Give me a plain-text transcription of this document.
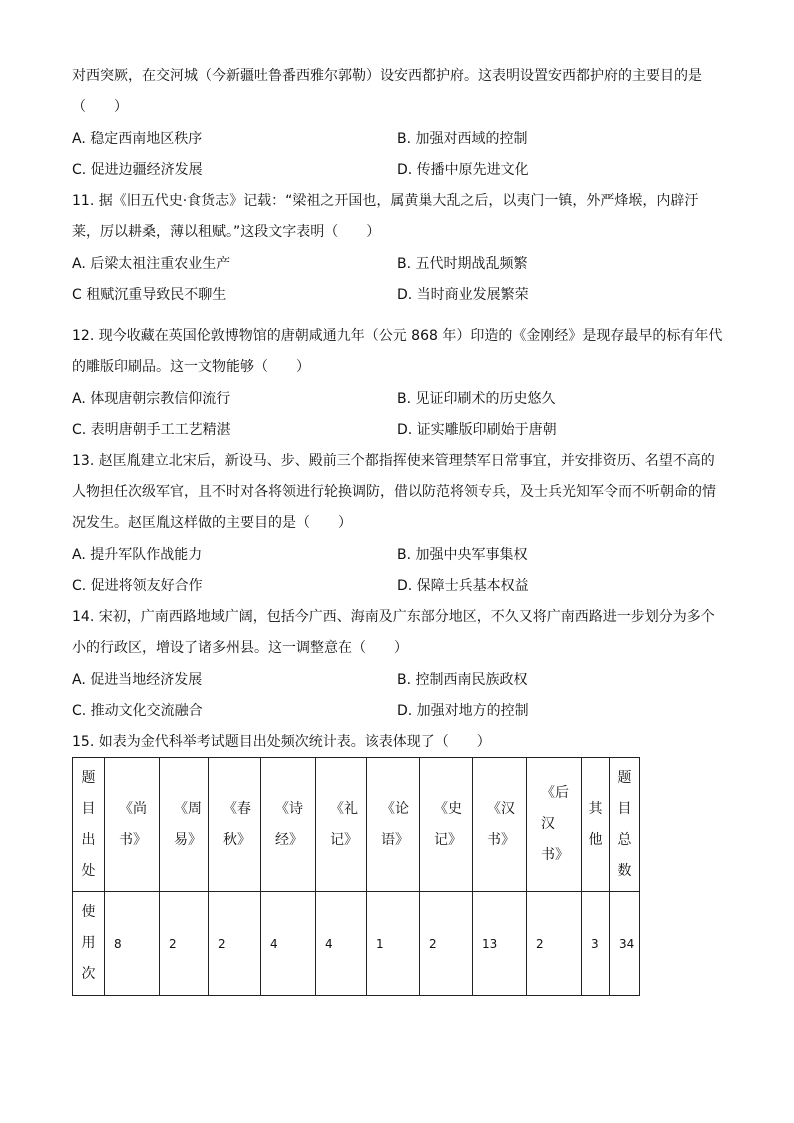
对西突厥，在交河城（今新疆吐鲁番西雅尔郭勒）设安西都护府。这表明设置安西都护府的主要目的是
（　　）
A. 稳定西南地区秩序	B. 加强对西域的控制
C. 促进边疆经济发展	D. 传播中原先进文化
11. 据《旧五代史·食货志》记载：“梁祖之开国也，属黄巢大乱之后，以夷门一镇，外严烽堠，内辟汙
莱，厉以耕桑，薄以租赋。”这段文字表明（　　）
A. 后梁太祖注重农业生产	B. 五代时期战乱频繁
C 租赋沉重导致民不聊生	D. 当时商业发展繁荣
12. 现今收藏在英国伦敦博物馆的唐朝咸通九年（公元 868 年）印造的《金刚经》是现存最早的标有年代
的雕版印刷品。这一文物能够（　　）
A. 体现唐朝宗教信仰流行	B. 见证印刷术的历史悠久
C. 表明唐朝手工工艺精湛	D. 证实雕版印刷始于唐朝
13. 赵匡胤建立北宋后，新设马、步、殿前三个都指挥使来管理禁军日常事宜，并安排资历、名望不高的
人物担任次级军官，且不时对各将领进行轮换调防，借以防范将领专兵，及士兵光知军令而不听朝命的情
况发生。赵匡胤这样做的主要目的是（　　）
A. 提升军队作战能力	B. 加强中央军事集权
C. 促进将领友好合作	D. 保障士兵基本权益
14. 宋初，广南西路地域广阔，包括今广西、海南及广东部分地区，不久又将广南西路进一步划分为多个
小的行政区，增设了诸多州县。这一调整意在（　　）
A. 促进当地经济发展	B. 控制西南民族政权
C. 推动文化交流融合	D. 加强对地方的控制
15. 如表为金代科举考试题目出处频次统计表。该表体现了（　　）
题
目
出
处	《尚
书》	《周
易》	《春
秋》	《诗
经》	《礼
记》	《论
语》	《史
记》	《汉
书》	《后
汉
书》	其
他	题
目
总
数

使
用
次	8	2	2	4	4	1	2	13	2	3	34
